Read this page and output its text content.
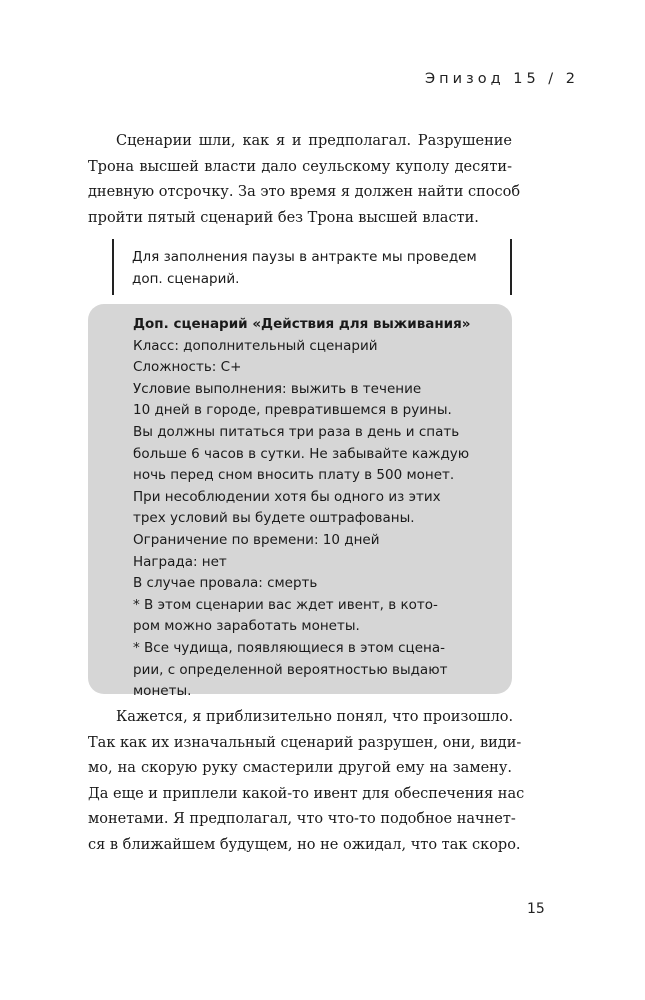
Эпизод 15 / 2
Сценарии шли, как я и предполагал. Разрушение
Трона высшей власти дало сеульскому куполу десяти-
дневную отсрочку. За это время я должен найти способ
пройти пятый сценарий без Трона высшей власти.
Для заполнения паузы в антракте мы проведем
доп. сценарий.
Доп. сценарий «Действия для выживания»
Класс: дополнительный сценарий
Сложность: C+
Условие выполнения: выжить в течение
10 дней в городе, превратившемся в руины.
Вы должны питаться три раза в день и спать
больше 6 часов в сутки. Не забывайте каждую
ночь перед сном вносить плату в 500 монет.
При несоблюдении хотя бы одного из этих
трех условий вы будете оштрафованы.
Ограничение по времени: 10 дней
Награда: нет
В случае провала: смерть
* В этом сценарии вас ждет ивент, в кото-
ром можно заработать монеты.
* Все чудища, появляющиеся в этом сцена-
рии, с определенной вероятностью выдают
монеты.
Кажется, я приблизительно понял, что произошло.
Так как их изначальный сценарий разрушен, они, види-
мо, на скорую руку смастерили другой ему на замену.
Да еще и приплели какой-то ивент для обеспечения нас
монетами. Я предполагал, что что-то подобное начнет-
ся в ближайшем будущем, но не ожидал, что так скоро.
15
